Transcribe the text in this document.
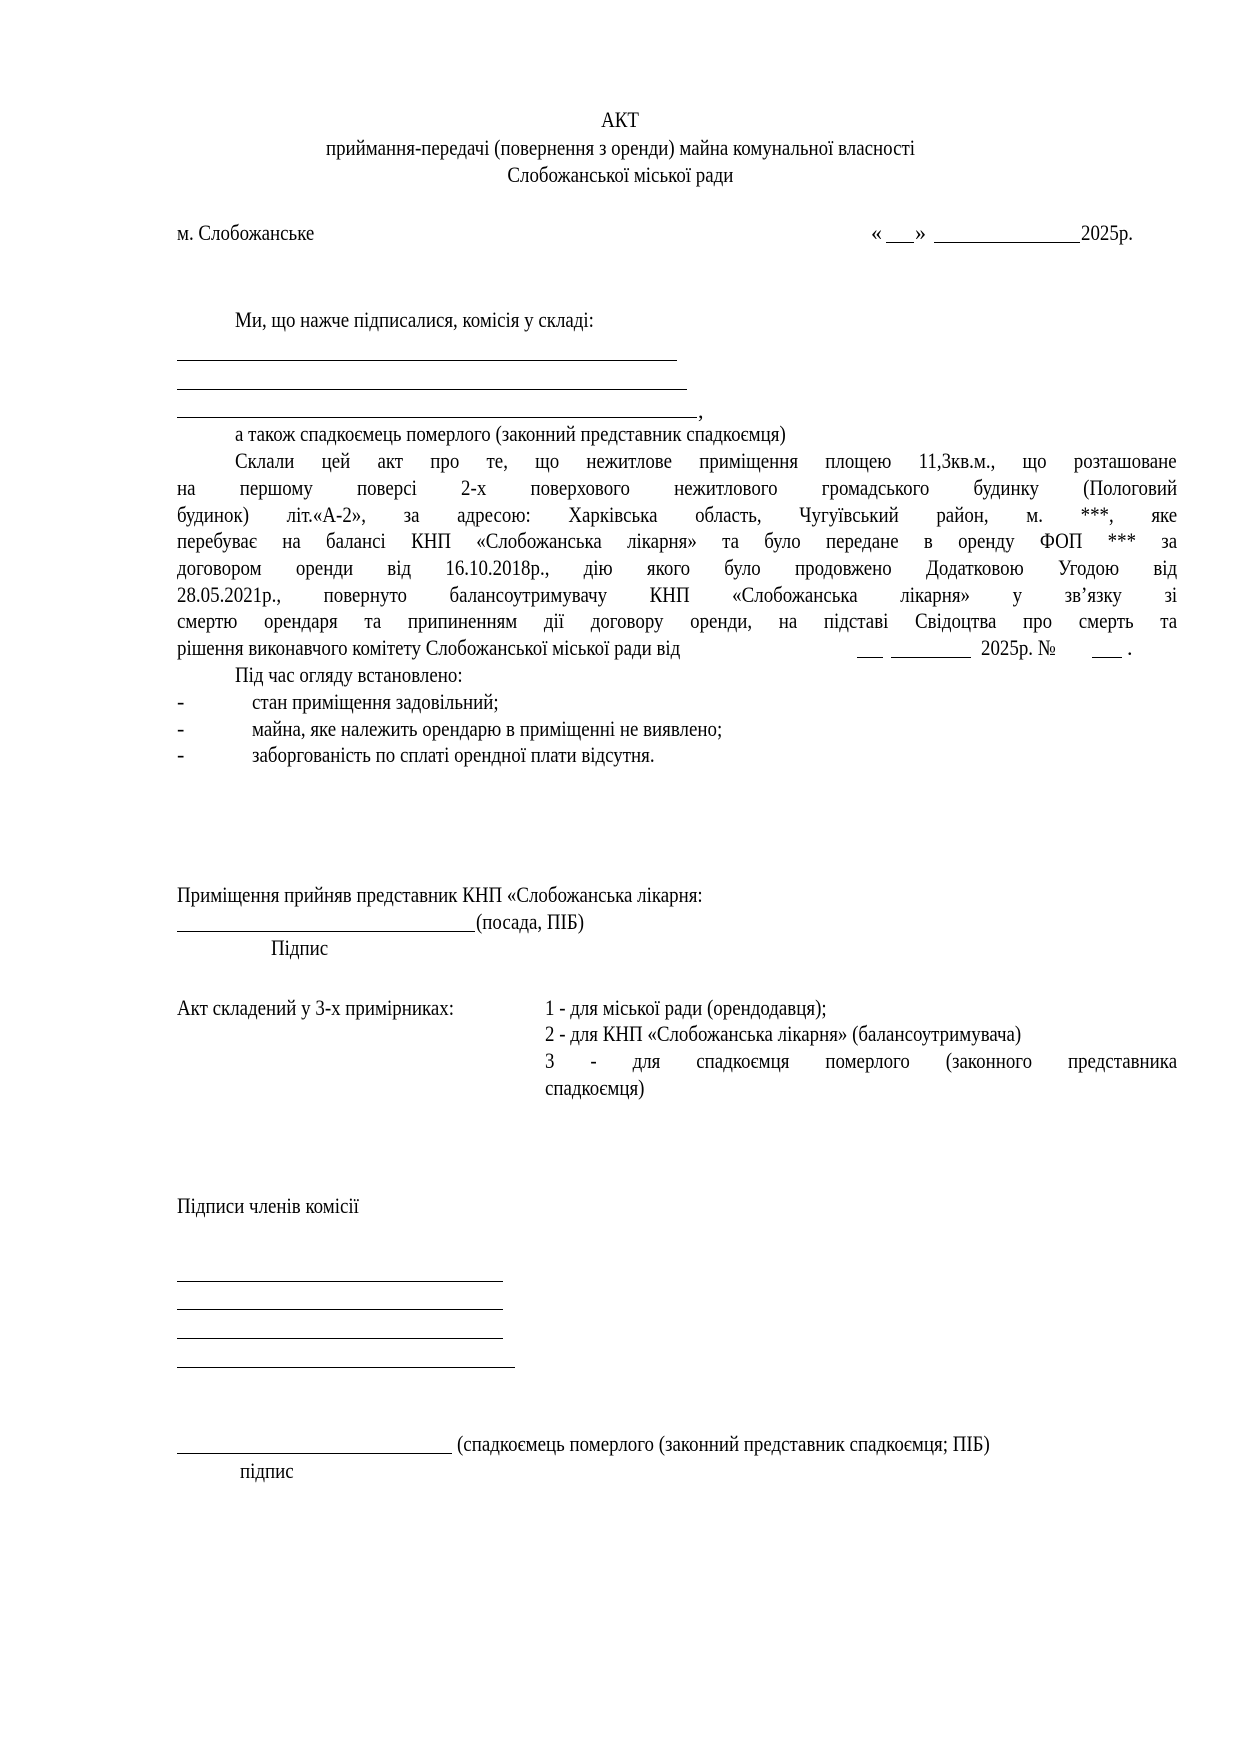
АКТ
приймання-передачі (повернення з оренди) майна комунальної власності
Слобожанської міської ради
м. Слобожанське	« »	2025р.
Ми, що нажче підписалися, комісія у складі:
,
а також спадкоємець померлого (законний представник спадкоємця)
Склали цей акт про те, що нежитлове приміщення площею 11,3кв.м., що розташоване
на першому поверсі 2-х поверхового нежитлового громадського будинку (Пологовий
будинок) літ.«А-2», за адресою: Харківська область, Чугуївський район, м. ***, яке
перебуває на балансі КНП «Слобожанська лікарня» та було передане в оренду ФОП *** за
договором оренди від 16.10.2018р., дію якого було продовжено Додатковою Угодою від
28.05.2021р., повернуто балансоутримувачу КНП «Слобожанська лікарня» у зв’язку зі
смертю орендаря та припиненням дії договору оренди, на підставі Свідоцтва про смерть та
рішення виконавчого комітету Слобожанської міської ради від	2025р. №	.
Під час огляду встановлено:
-	стан приміщення задовільний;
-	майна, яке належить орендарю в приміщенні не виявлено;
-	заборгованість по сплаті орендної плати відсутня.
Приміщення прийняв представник КНП «Слобожанська лікарня:
(посада, ПІБ)
Підпис
Акт складений у 3-х примірниках:	1 - для міської ради (орендодавця);
2 - для КНП «Слобожанська лікарня» (балансоутримувача)
3 - для спадкоємця померлого (законного представника
спадкоємця)
Підписи членів комісії
(спадкоємець померлого (законний представник спадкоємця; ПІБ)
підпис
